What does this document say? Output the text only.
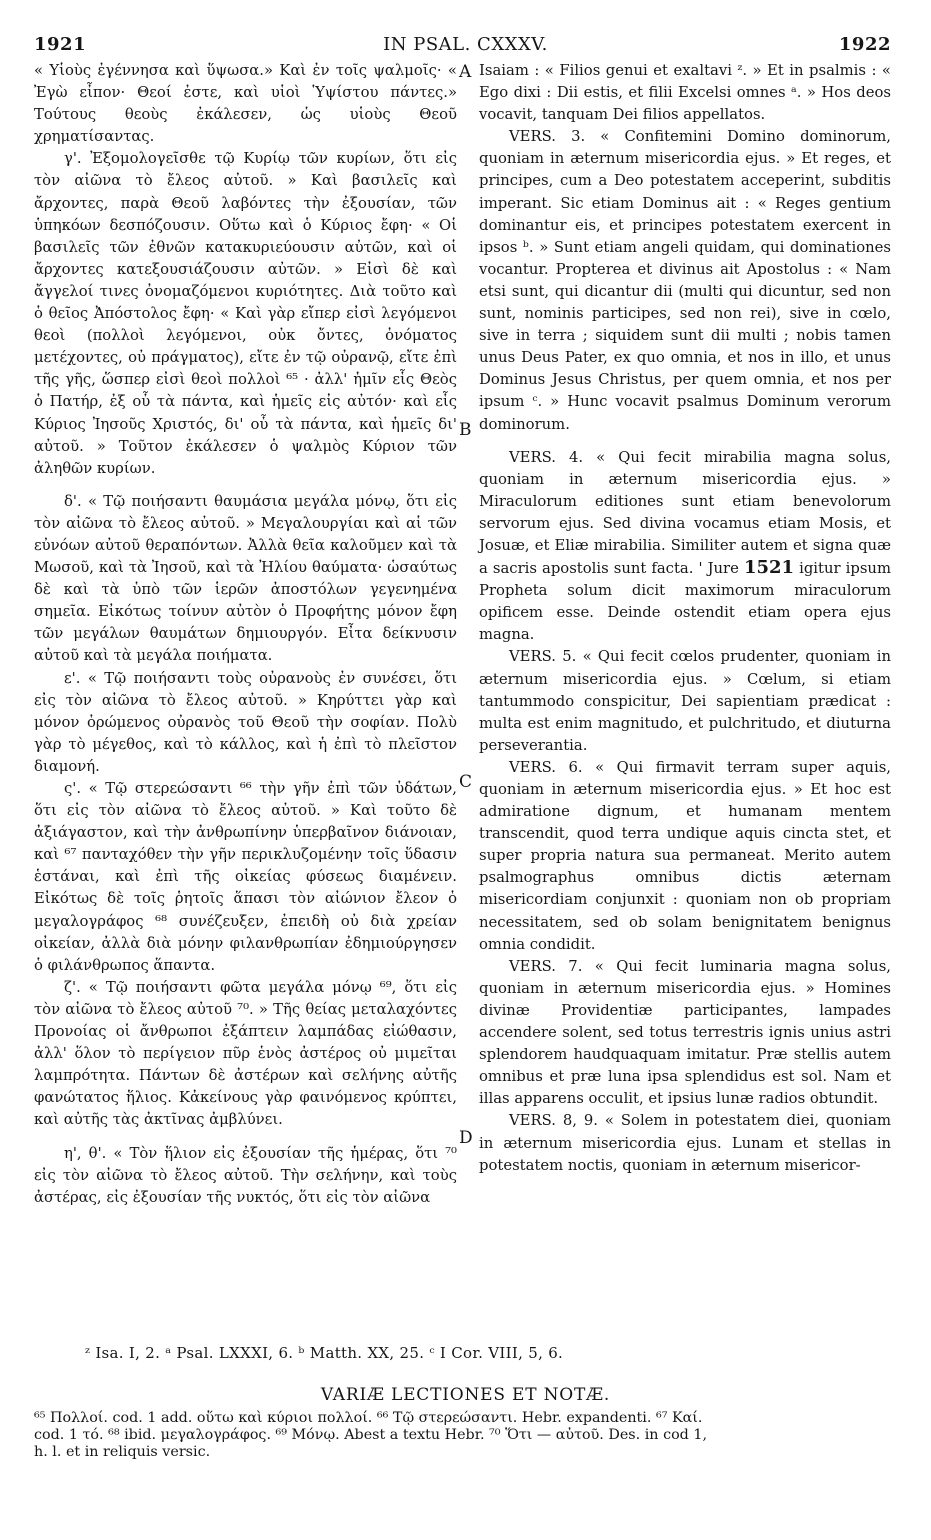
1921	IN PSAL. CXXXV.	1922

« Υἱοὺς ἐγέννησα καὶ ὕψωσα.» Καὶ ἐν τοῖς ψαλμοῖς· « Ἐγὼ εἶπον· Θεοί ἐστε, καὶ υἱοὶ Ὑψίστου πάντες.» Τούτους θεοὺς ἐκάλεσεν, ὡς υἱοὺς Θεοῦ χρηματίσαντας.

γ'. Ἐξομολογεῖσθε τῷ Κυρίῳ τῶν κυρίων, ὅτι εἰς τὸν αἰῶνα τὸ ἔλεος αὐτοῦ. » Καὶ βασιλεῖς καὶ ἄρχοντες, παρὰ Θεοῦ λαβόντες τὴν ἐξουσίαν, τῶν ὑπηκόων δεσπόζουσιν. Οὕτω καὶ ὁ Κύριος ἔφη· « Οἱ βασιλεῖς τῶν ἐθνῶν κατακυριεύουσιν αὐτῶν, καὶ οἱ ἄρχοντες κατεξουσιάζουσιν αὐτῶν. » Εἰσὶ δὲ καὶ ἄγγελοί τινες ὀνομαζόμενοι κυριότητες. Διὰ τοῦτο καὶ ὁ θεῖος Ἀπόστολος ἔφη· « Καὶ γὰρ εἴπερ εἰσὶ λεγόμενοι θεοὶ (πολλοὶ λεγόμενοι, οὐκ ὄντες, ὀνόματος μετέχοντες, οὐ πράγματος), εἴτε ἐν τῷ οὐρανῷ, εἴτε ἐπὶ τῆς γῆς, ὥσπερ εἰσὶ θεοὶ πολλοὶ ⁶⁵ · ἀλλ' ἡμῖν εἷς Θεὸς ὁ Πατήρ, ἐξ οὗ τὰ πάντα, καὶ ἡμεῖς εἰς αὐτόν· καὶ εἷς Κύριος Ἰησοῦς Χριστός, δι' οὗ τὰ πάντα, καὶ ἡμεῖς δι' αὐτοῦ. » Τοῦτον ἐκάλεσεν ὁ ψαλμὸς Κύριον τῶν ἀληθῶν κυρίων.

δ'. « Τῷ ποιήσαντι θαυμάσια μεγάλα μόνῳ, ὅτι εἰς τὸν αἰῶνα τὸ ἔλεος αὐτοῦ. » Μεγαλουργίαι καὶ αἱ τῶν εὐνόων αὐτοῦ θεραπόντων. Ἀλλὰ θεῖα καλοῦμεν καὶ τὰ Μωσοῦ, καὶ τὰ Ἰησοῦ, καὶ τὰ Ἠλίου θαύματα· ὡσαύτως δὲ καὶ τὰ ὑπὸ τῶν ἱερῶν ἀποστόλων γεγενημένα σημεῖα. Εἰκότως τοίνυν αὐτὸν ὁ Προφήτης μόνον ἔφη τῶν μεγάλων θαυμάτων δημιουργόν. Εἶτα δείκνυσιν αὐτοῦ καὶ τὰ μεγάλα ποιήματα.

ε'. « Τῷ ποιήσαντι τοὺς οὐρανοὺς ἐν συνέσει, ὅτι εἰς τὸν αἰῶνα τὸ ἔλεος αὐτοῦ. » Κηρύττει γὰρ καὶ μόνον ὁρώμενος οὐρανὸς τοῦ Θεοῦ τὴν σοφίαν. Πολὺ γὰρ τὸ μέγεθος, καὶ τὸ κάλλος, καὶ ἡ ἐπὶ τὸ πλεῖστον διαμονή.

ς'. « Τῷ στερεώσαντι ⁶⁶ τὴν γῆν ἐπὶ τῶν ὑδάτων, ὅτι εἰς τὸν αἰῶνα τὸ ἔλεος αὐτοῦ. » Καὶ τοῦτο δὲ ἀξιάγαστον, καὶ τὴν ἀνθρωπίνην ὑπερβαῖνον διάνοιαν, καὶ ⁶⁷ πανταχόθεν τὴν γῆν περικλυζομένην τοῖς ὕδασιν ἑστάναι, καὶ ἐπὶ τῆς οἰκείας φύσεως διαμένειν. Εἰκότως δὲ τοῖς ῥητοῖς ἅπασι τὸν αἰώνιον ἔλεον ὁ μεγαλογράφος ⁶⁸ συνέζευξεν, ἐπειδὴ οὐ διὰ χρείαν οἰκείαν, ἀλλὰ διὰ μόνην φιλανθρωπίαν ἐδημιούργησεν ὁ φιλάνθρωπος ἅπαντα.

ζ'. « Τῷ ποιήσαντι φῶτα μεγάλα μόνῳ ⁶⁹, ὅτι εἰς τὸν αἰῶνα τὸ ἔλεος αὐτοῦ ⁷⁰. » Τῆς θείας μεταλαχόντες Προνοίας οἱ ἄνθρωποι ἐξάπτειν λαμπάδας εἰώθασιν, ἀλλ' ὅλον τὸ περίγειον πῦρ ἑνὸς ἀστέρος οὐ μιμεῖται λαμπρότητα. Πάντων δὲ ἀστέρων καὶ σελήνης αὐτῆς φανώτατος ἥλιος. Κἀκείνους γὰρ φαινόμενος κρύπτει, καὶ αὐτῆς τὰς ἀκτῖνας ἀμβλύνει.

η', θ'. « Τὸν ἥλιον εἰς ἐξουσίαν τῆς ἡμέρας, ὅτι ⁷⁰ εἰς τὸν αἰῶνα τὸ ἔλεος αὐτοῦ. Τὴν σελήνην, καὶ τοὺς ἀστέρας, εἰς ἐξουσίαν τῆς νυκτός, ὅτι εἰς τὸν αἰῶνα

Isaiam : « Filios genui et exaltavi ᶻ. » Et in psalmis : « Ego dixi : Dii estis, et filii Excelsi omnes ᵃ. » Hos deos vocavit, tanquam Dei filios appellatos.

VERS. 3. « Confitemini Domino dominorum, quoniam in æternum misericordia ejus. » Et reges, et principes, cum a Deo potestatem acceperint, subditis imperant. Sic etiam Dominus ait : « Reges gentium dominantur eis, et principes potestatem exercent in ipsos ᵇ. » Sunt etiam angeli quidam, qui dominationes vocantur. Propterea et divinus ait Apostolus : « Nam etsi sunt, qui dicantur dii (multi qui dicuntur, sed non sunt, nominis participes, sed non rei), sive in cœlo, sive in terra ; siquidem sunt dii multi ; nobis tamen unus Deus Pater, ex quo omnia, et nos in illo, et unus Dominus Jesus Christus, per quem omnia, et nos per ipsum ᶜ. » Hunc vocavit psalmus Dominum verorum dominorum.

VERS. 4. « Qui fecit mirabilia magna solus, quoniam in æternum misericordia ejus. » Miraculorum editiones sunt etiam benevolorum servorum ejus. Sed divina vocamus etiam Mosis, et Josuæ, et Eliæ mirabilia. Similiter autem et signa quæ a sacris apostolis sunt facta. ' Jure 1521 igitur ipsum Propheta solum dicit maximorum miraculorum opificem esse. Deinde ostendit etiam opera ejus magna.

VERS. 5. « Qui fecit cœlos prudenter, quoniam in æternum misericordia ejus. » Cœlum, si etiam tantummodo conspicitur, Dei sapientiam prædicat : multa est enim magnitudo, et pulchritudo, et diuturna perseverantia.

VERS. 6. « Qui firmavit terram super aquis, quoniam in æternum misericordia ejus. » Et hoc est admiratione dignum, et humanam mentem transcendit, quod terra undique aquis cincta stet, et super propria natura sua permaneat. Merito autem psalmographus omnibus dictis æternam misericordiam conjunxit : quoniam non ob propriam necessitatem, sed ob solam benignitatem benignus omnia condidit.

VERS. 7. « Qui fecit luminaria magna solus, quoniam in æternum misericordia ejus. » Homines divinæ Providentiæ participantes, lampades accendere solent, sed totus terrestris ignis unius astri splendorem haudquaquam imitatur. Præ stellis autem omnibus et præ luna ipsa splendidus est sol. Nam et illas apparens occulit, et ipsius lunæ radios obtundit.

VERS. 8, 9. « Solem in potestatem diei, quoniam in æternum misericordia ejus. Lunam et stellas in potestatem noctis, quoniam in æternum misericor-

A
B
C
D
ᶻ Isa. I, 2. ᵃ Psal. LXXXI, 6. ᵇ Matth. XX, 25. ᶜ I Cor. VIII, 5, 6.
VARIÆ LECTIONES ET NOTÆ.

⁶⁵ Πολλοί. cod. 1 add. οὕτω καὶ κύριοι πολλοί. ⁶⁶ Τῷ στερεώσαντι. Hebr. expandenti. ⁶⁷ Καί.

cod. 1 τό. ⁶⁸ ibid. μεγαλογράφος. ⁶⁹ Μόνῳ. Abest a textu Hebr. ⁷⁰ Ὅτι — αὐτοῦ. Des. in cod 1,

h. l. et in reliquis versic.
